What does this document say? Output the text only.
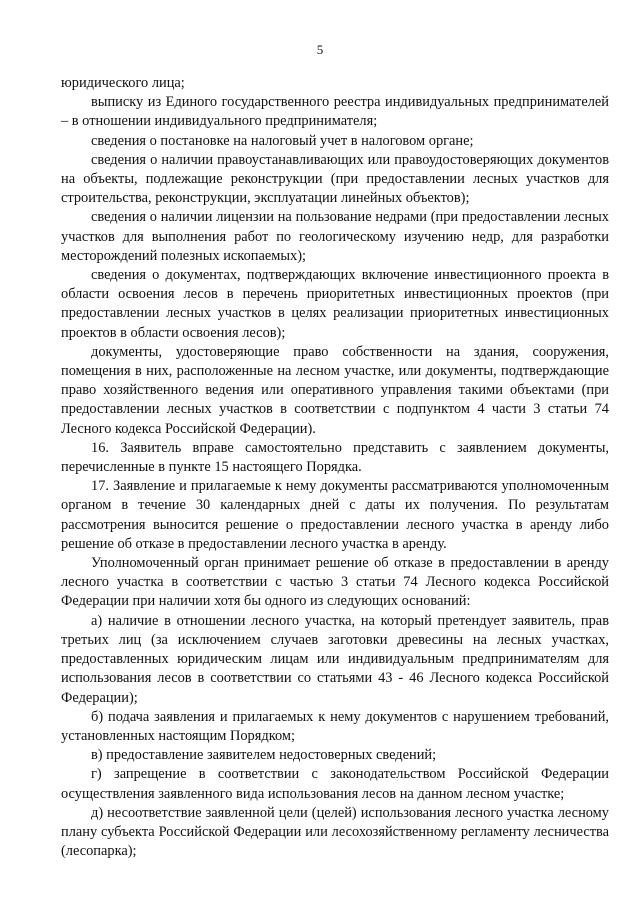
5

юридического лица;

выписку из Единого государственного реестра индивидуальных предпринимателей – в отношении индивидуального предпринимателя;

сведения о постановке на налоговый учет в налоговом органе;

сведения о наличии правоустанавливающих или правоудостоверяющих документов на объекты, подлежащие реконструкции (при предоставлении лесных участков для строительства, реконструкции, эксплуатации линейных объектов);

сведения о наличии лицензии на пользование недрами (при предоставлении лесных участков для выполнения работ по геологическому изучению недр, для разработки месторождений полезных ископаемых);

сведения о документах, подтверждающих включение инвестиционного проекта в области освоения лесов в перечень приоритетных инвестиционных проектов (при предоставлении лесных участков в целях реализации приоритетных инвестиционных проектов в области освоения лесов);

документы, удостоверяющие право собственности на здания, сооружения, помещения в них, расположенные на лесном участке, или документы, подтверждающие право хозяйственного ведения или оперативного управления такими объектами (при предоставлении лесных участков в соответствии с подпунктом 4 части 3 статьи 74 Лесного кодекса Российской Федерации).

16. Заявитель вправе самостоятельно представить с заявлением документы, перечисленные в пункте 15 настоящего Порядка.

17. Заявление и прилагаемые к нему документы рассматриваются уполномоченным органом в течение 30 календарных дней с даты их получения. По результатам рассмотрения выносится решение о предоставлении лесного участка в аренду либо решение об отказе в предоставлении лесного участка в аренду.

Уполномоченный орган принимает решение об отказе в предоставлении в аренду лесного участка в соответствии с частью 3 статьи 74 Лесного кодекса Российской Федерации при наличии хотя бы одного из следующих оснований:

а) наличие в отношении лесного участка, на который претендует заявитель, прав третьих лиц (за исключением случаев заготовки древесины на лесных участках, предоставленных юридическим лицам или индивидуальным предпринимателям для использования лесов в соответствии со статьями 43 - 46 Лесного кодекса Российской Федерации);

б) подача заявления и прилагаемых к нему документов с нарушением требований, установленных настоящим Порядком;

в) предоставление заявителем недостоверных сведений;

г) запрещение в соответствии с законодательством Российской Федерации осуществления заявленного вида использования лесов на данном лесном участке;

д) несоответствие заявленной цели (целей) использования лесного участка лесному плану субъекта Российской Федерации или лесохозяйственному регламенту лесничества (лесопарка);
